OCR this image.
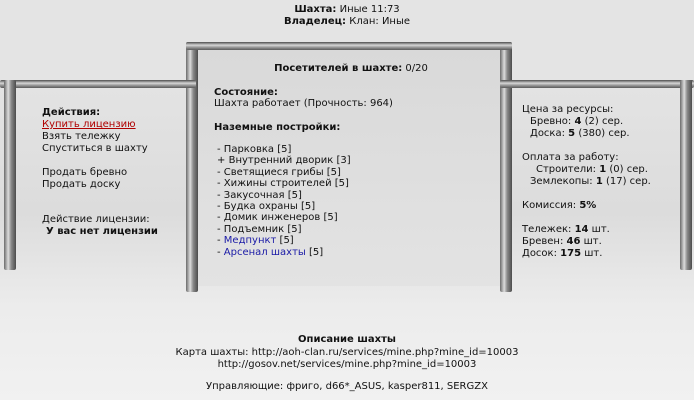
Шахта: Иные 11:73
Владелец: Клан: Иные
Действия:
Купить лицензию
Взять тележку
Спуститься в шахту
Продать бревно
Продать доску
Действие лицензии:
У вас нет лицензии
Посетителей в шахте: 0/20
Состояние:
Шахта работает (Прочность: 964)
Наземные постройки:
- Парковка [5]
+ Внутренний дворик [3]
- Светящиеся грибы [5]
- Хижины строителей [5]
- Закусочная [5]
- Будка охраны [5]
- Домик инженеров [5]
- Подъемник [5]
- Медпункт [5]
- Арсенал шахты [5]
Цена за ресурсы:
Бревно: 4 (2) сер.
Доска: 5 (380) сер.
Оплата за работу:
Строители: 1 (0) сер.
Землекопы: 1 (17) сер.
Комиссия: 5%
Тележек: 14 шт.
Бревен: 46 шт.
Досок: 175 шт.
Описание шахты
Карта шахты: http://aoh-clan.ru/services/mine.php?mine_id=10003
http://gosov.net/services/mine.php?mine_id=10003
Управляющие: фриго, d66*_ASUS, kasper811, SERGZX
